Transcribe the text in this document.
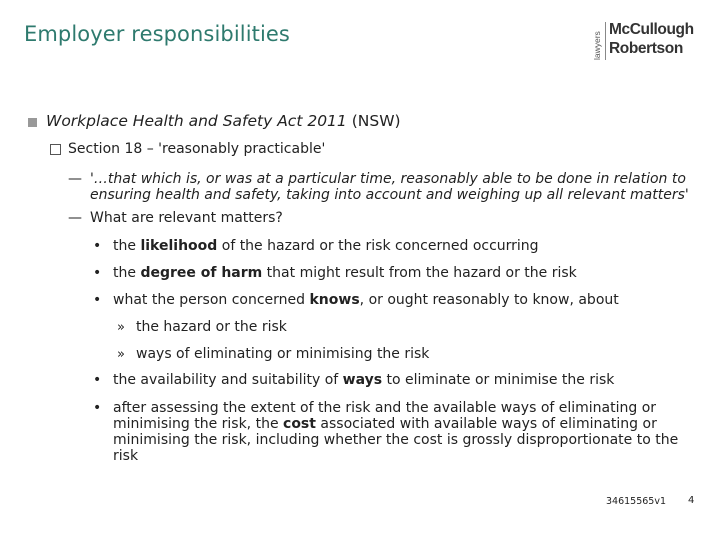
Employer responsibilities	lawyers
McCullough
Robertson
Workplace Health and Safety Act 2011 (NSW)
Section 18 – 'reasonably practicable'
— '…that which is, or was at a particular time, reasonably able to be done in relation to ensuring health and safety, taking into account and weighing up all relevant matters'
— What are relevant matters?
• the likelihood of the hazard or the risk concerned occurring
• the degree of harm that might result from the hazard or the risk
• what the person concerned knows, or ought reasonably to know, about
» the hazard or the risk
» ways of eliminating or minimising the risk
• the availability and suitability of ways to eliminate or minimise the risk
• after assessing the extent of the risk and the available ways of eliminating or minimising the risk, the cost associated with available ways of eliminating or minimising the risk, including whether the cost is grossly disproportionate to the risk
34615565v1 4
